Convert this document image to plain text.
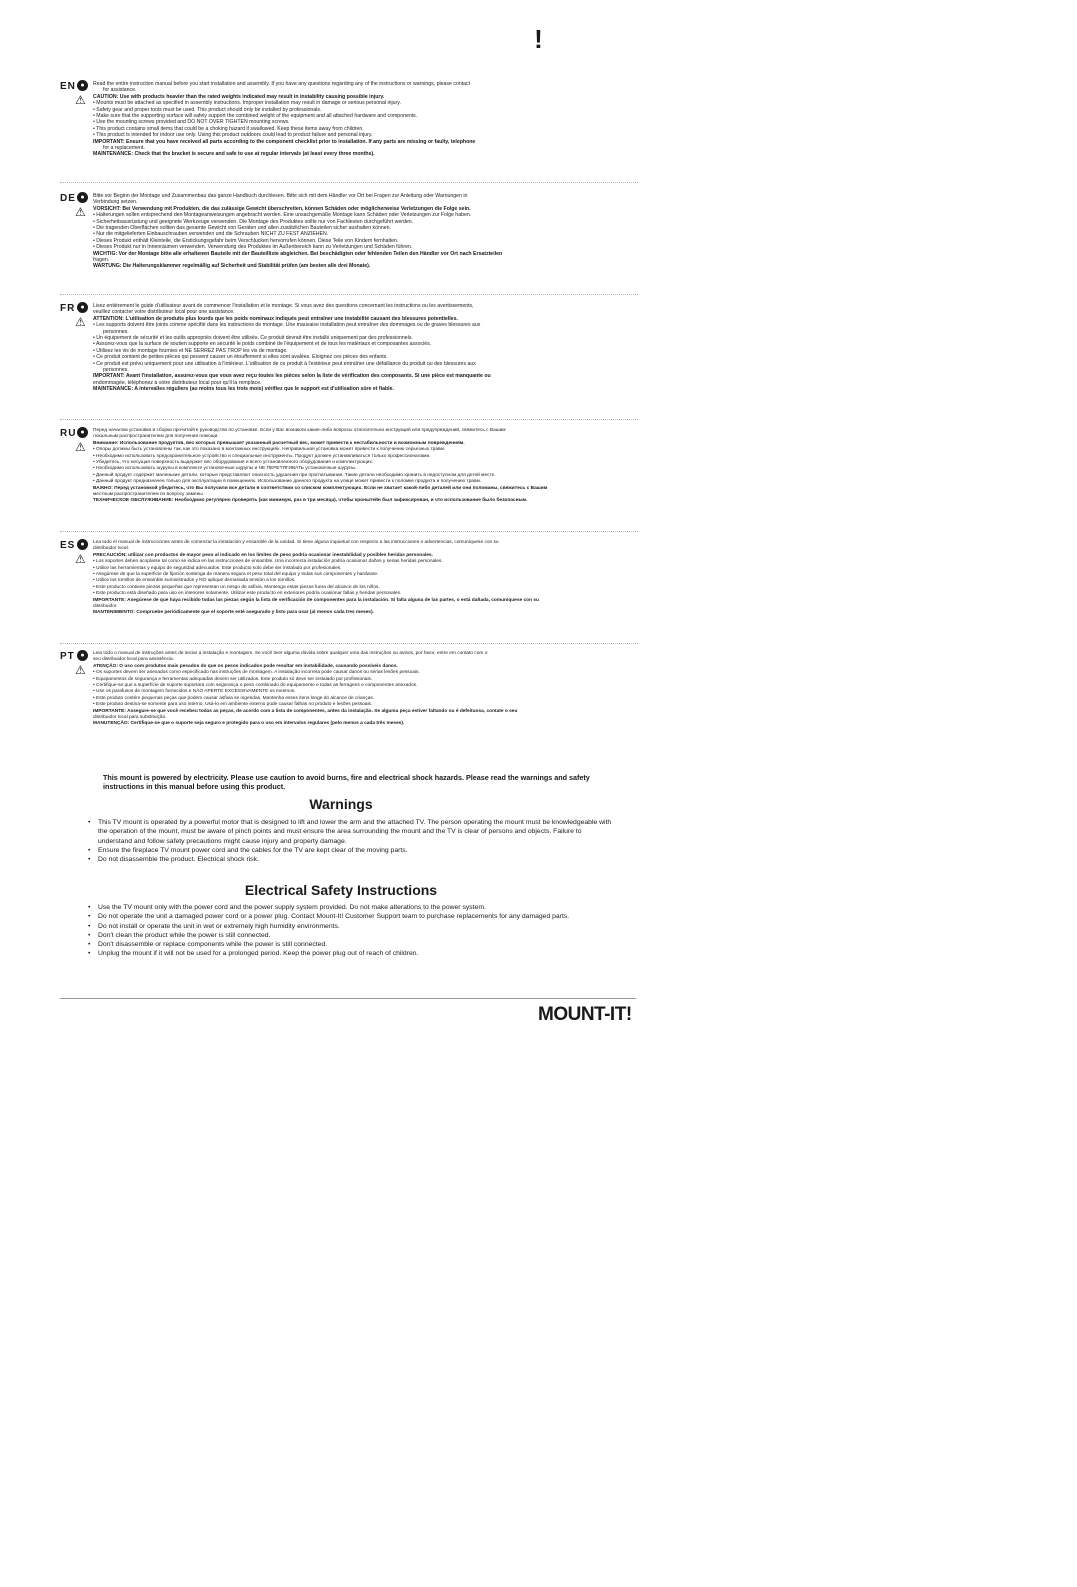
!
EN ●
⚠

Read the entire instruction manual before you start installation and assembly. If you have any questions regarding any of the instructions or warnings, please contact

for assistance.

CAUTION: Use with products heavier than the rated weights indicated may result in instability causing possible injury.

• Mounts must be attached as specified in assembly instructions. Improper installation may result in damage or serious personal injury.

• Safety gear and proper tools must be used. This product should only be installed by professionals.

• Make sure that the supporting surface will safely support the combined weight of the equipment and all attached hardware and components.

• Use the mounting screws provided and DO NOT OVER TIGHTEN mounting screws.

• This product contains small items that could be a choking hazard if swallowed. Keep these items away from children.

• This product is intended for indoor use only. Using this product outdoors could lead to product failure and personal injury.

IMPORTANT: Ensure that you have received all parts according to the component checklist prior to installation. If any parts are missing or faulty, telephone

for a replacement.

MAINTENANCE: Check that the bracket is secure and safe to use at regular intervals (at least every three months).

DE ●
⚠

Bitte vor Beginn der Montage und Zusammenbau das ganze Handbuch durchlesen. Bitte sich mit dem Händler vor Ort bei Fragen zur Anleitung oder Warnungen in

Verbindung setzen.

VORSICHT: Bei Verwendung mit Produkten, die das zulässige Gewicht überschreiten, können Schäden oder möglicherweise Verletzungen die Folge sein.

• Halterungen sollen entsprechend den Montageanweisungen angebracht werden. Eine unsachgemäße Montage kann Schäden oder Verletzungen zur Folge haben.

• Sicherheitsausrüstung und geeignete Werkzeuge verwenden. Die Montage des Produktes sollte nur von Fachleuten durchgeführt werden.

• Die tragenden Oberflächen sollten das gesamte Gewicht von Geräten und allen zusätzlichen Bauteilen sicher aushalten können.

• Nur die mitgelieferten Einbauschrauben verwenden und die Schrauben NICHT ZU FEST ANZIEHEN.

• Dieses Produkt enthält Kleinteile, die Erstickungsgefahr beim Verschlucken hervorrufen können. Diese Teile von Kindern fernhalten.

• Dieses Produkt nur in Innenräumen verwenden. Verwendung des Produktes im Außenbereich kann zu Verletzungen und Schäden führen.

WICHTIG: Vor der Montage bitte alle erhaltenen Bauteile mit der Bauteilliste abgleichen. Bei beschädigten oder fehlenden Teilen den Händler vor Ort nach Ersatzteilen

fragen.

WARTUNG: Die Halterungsklammer regelmäßig auf Sicherheit und Stabilität prüfen (am besten alle drei Monate).

FR ●
⚠

Lisez entièrement le guide d'utilisateur avant de commencer l'installation et le montage. Si vous avez des questions concernant les instructions ou les avertissements,

veuillez contacter votre distributeur local pour une assistance.

ATTENTION: L'utilisation de produits plus lourds que les poids nominaux indiqués peut entraîner une instabilité causant des blessures potentielles.

• Les supports doivent être joints comme spécifié dans les instructions de montage. Une mauvaise installation peut entraîner des dommages ou de graves blessures aux

personnes.

• Un équipement de sécurité et les outils appropriés doivent être utilisés. Ce produit devrait être installé uniquement par des professionnels.

• Assurez-vous que la surface de soutien supporte en sécurité le poids combiné de l'équipement et de tous les matériaux et composantes associés.

• Utilisez les vis de montage fournies et NE SERREZ PAS TROP les vis de montage.

• Ce produit contient de petites pièces qui peuvent causer un étouffement si elles sont avalées. Eloignez ces pièces des enfants.

• Ce produit est prévu uniquement pour une utilisation à l'intérieur. L'utilisation de ce produit à l'extérieur peut entraîner une défaillance du produit ou des blessures aux

personnes.

IMPORTANT: Avant l'installation, assurez-vous que vous avez reçu toutes les pièces selon la liste de vérification des composants. Si une pièce est manquante ou

endommagée, téléphonez à votre distributeur local pour qu'il la remplace.

MAINTENANCE: A intervalles réguliers (au moins tous les trois mois) vérifiez que le support est d'utilisation sûre et fiable.

RU ●
⚠

Перед началом установки и сборки прочитайте руководство по установке. Если у Вас возникли какие-либо вопросы относительно инструкций или предупреждений, свяжитесь с Вашим

локальным распространителем для получения помощи.

Внимание: Использование продуктов, вес которых превышает указанный расчетный вес, может привести к нестабильности и возможным повреждениям.

• Опоры должны быть установлены так, как это показано в монтажных инструкциях. Неправильная установка может привести к получению серьезных травм.

• Необходимо использовать предохранительное устройство и специальные инструменты. Продукт должен устанавливаться только профессионалами.

• Убедитесь, что несущая поверхность выдержит вес оборудования и всего установленного оборудования и комплектующих.

• Необходимо использовать шурупы в комплекте установочные шурупы и НЕ ПЕРЕТЯГИВАТЬ установочные шурупы.

• Данный продукт содержит маленькие детали, которые представляют опасность удушения при проглатывании. Такие детали необходимо хранить в недоступном для детей месте.

• Данный продукт предназначен только для эксплуатации в помещениях. Использование данного продукта на улице может привести к поломке продукта и получению травм.

ВАЖНО: Перед установкой убедитесь, что Вы получили все детали в соответствии со списком комплектующих. Если не хватает какой-либо деталей или они поломаны, свяжитесь с Вашим

местным распространителем по вопросу замены.

ТЕХНИЧЕСКОЕ ОБСЛУЖИВАНИЕ: Необходимо регулярно проверять (как минимум, раз в три месяца), чтобы кронштейн был зафиксирован, и что использование было безопасным.

ES ●
⚠

Lea todo el manual de instrucciones antes de comenzar la instalación y ensamble de la unidad. Si tiene alguna inquietud con respecto a las instrucciones o advertencias, comuníquese con su

distribuidor local.

PRECAUCIÓN: utilizar con productos de mayor peso al indicado en los límites de peso podría ocasionar inestabilidad y posibles heridas personales.

• Los soportes deben acoplarse tal como se indica en las instrucciones de ensamble. Una incorrecta instalación podría ocasionar daños y serias heridas personales.

• Utilice las herramientas y equipo de seguridad adecuados. Este producto solo debe ser instalado por profesionales.

• Asegúrese de que la superficie de fijación sostenga de manera segura el peso total del equipo y todas sus componentes y hardware.

• Utilice los tornillos de ensamble suministrados y NO aplique demasiada tensión a los tornillos.

• Este producto contiene piezas pequeñas que representan un riesgo de asfixia. Mantenga estas piezas fuera del alcance de los niños.

• Este producto está diseñado para uso en interiores solamente. Utilizar este producto en exteriores podría ocasionar fallas y heridas personales.

IMPORTANTE: Asegúrese de que haya recibido todas las piezas según la lista de verificación de componentes para la instalación. Si falta alguna de las partes, o está dañada, comuníquese con su

distribuidor.

MANTENIMIENTO: Compruebe periódicamente que el soporte esté asegurado y listo para usar (al menos cada tres meses).

PT ●
⚠

Leia todo o manual de instruções antes de iniciar a instalação e montagem. Se você tiver alguma dúvida sobre qualquer uma das instruções ou avisos, por favor, entre em contato com o

seu distribuidor local para assistência.

ATENÇÃO: O uso com produtos mais pesados do que os pesos indicados pode resultar em instabilidade, causando possíveis danos.

• Os suportes devem ser anexados como especificado nas instruções de montagem. A instalação incorreta pode causar danos ou sérias lesões pessoais.

• Equipamentos de segurança e ferramentas adequadas devem ser utilizados. Este produto só deve ser instalado por profissionais.

• Certifique-se que a superfície de suporte suportará com segurança o peso combinado do equipamento e todas as ferragens e componentes anexados.

• Use os parafusos de montagem fornecidos e NÃO APERTE EXCESSIVAMENTE os mesmos.

• Este produto contém pequenas peças que podem causar asfixia se ingeridas. Mantenha esses itens longe do alcance de crianças.

• Este produto destina-se somente para uso interno. Usá-lo em ambiente externo pode causar falhas no produto e lesões pessoais.

IMPORTANTE: Assegure-se que você recebeu todas as peças, de acordo com a lista de componentes, antes da instalação. Se alguma peça estiver faltando ou é defeituosa, contate o seu

distribuidor local para substituição.

MANUTENÇÃO: Certifique-se que o suporte seja seguro e protegido para o uso em intervalos regulares (pelo menos a cada três meses).

This mount is powered by electricity. Please use caution to avoid burns, fire and electrical shock hazards. Please read the warnings and safety instructions in this manual before using this product.
Warnings
• This TV mount is operated by a powerful motor that is designed to lift and lower the arm and the attached TV. The person operating the mount must be knowledgeable with the operation of the mount, must be aware of pinch points and must ensure the area surrounding the mount and the TV is clear of persons and objects. Failure to understand and follow safety precautions might cause injury and property damage.
• Ensure the fireplace TV mount power cord and the cables for the TV are kept clear of the moving parts.
• Do not disassemble the product. Electrical shock risk.
Electrical Safety Instructions
• Use the TV mount only with the power cord and the power supply system provided. Do not make alterations to the power system.
• Do not operate the unit a damaged power cord or a power plug. Contact Mount-It! Customer Support team to purchase replacements for any damaged parts.
• Do not install or operate the unit in wet or extremely high humidity environments.
• Don't clean the product while the power is still connected.
• Don't disassemble or replace components while the power is still connected.
• Unplug the mount if it will not be used for a prolonged period. Keep the power plug out of reach of children.
MOUNT-IT!
